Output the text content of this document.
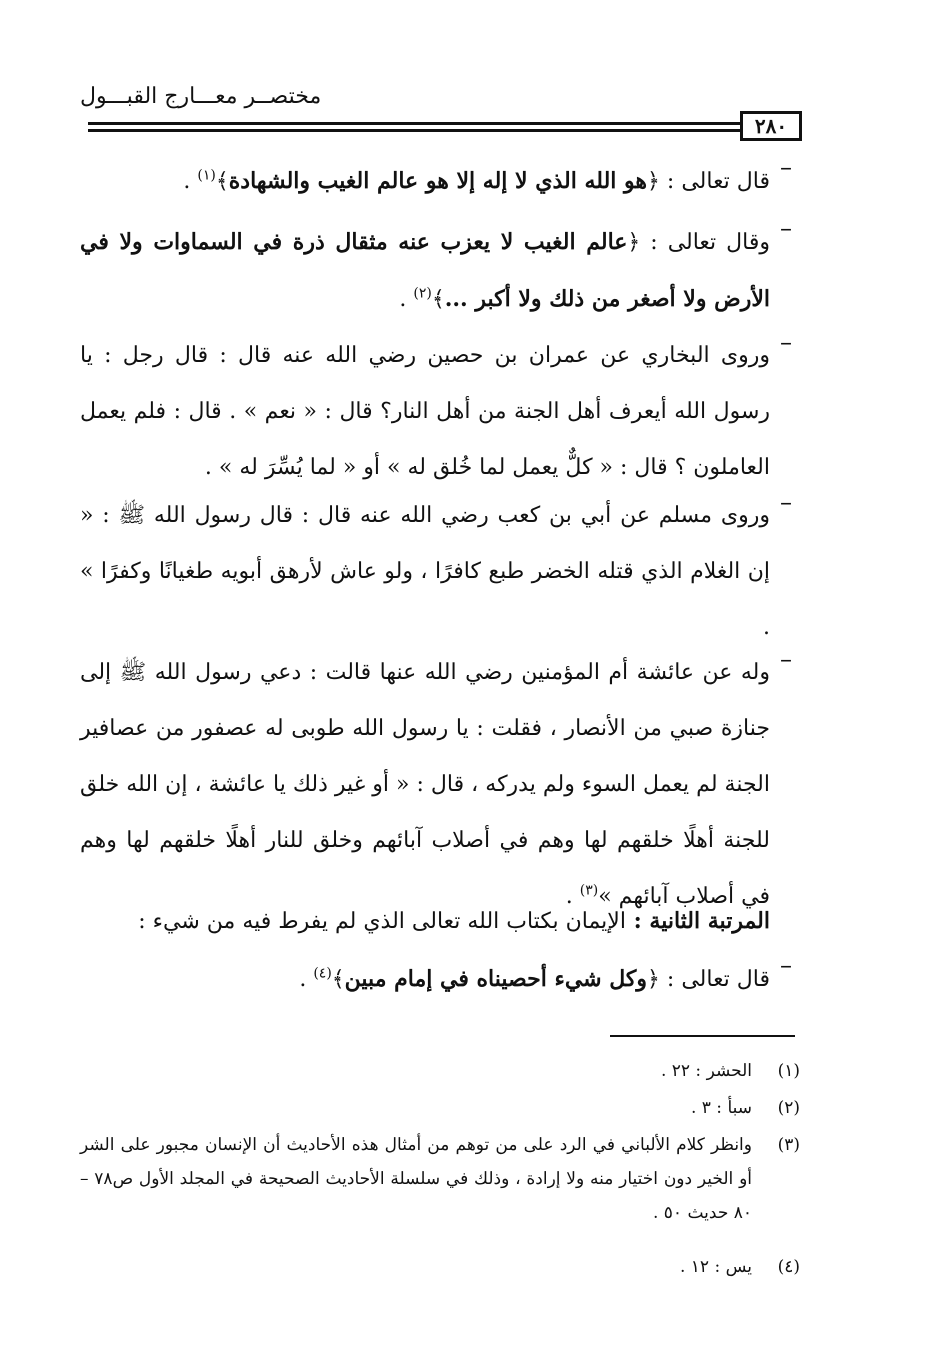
مختصــر معـــارج القبـــول
٢٨٠
–

قال تعالى : ﴿هو الله الذي لا إله إلا هو عالم الغيب والشهادة﴾$^{(١)}$ .

–

وقال تعالى : ﴿عالم الغيب لا يعزب عنه مثقال ذرة في السماوات ولا في الأرض ولا أصغر من ذلك ولا أكبر ...﴾$^{(٢)}$ .

–

وروى البخاري عن عمران بن حصين رضي الله عنه قال : قال رجل : يا رسول الله أيعرف أهل الجنة من أهل النار؟ قال : « نعم » . قال : فلم يعمل العاملون ؟ قال : « كلٌّ يعمل لما خُلق له » أو « لما يُسِّرَ له » .

–

وروى مسلم عن أبي بن كعب رضي الله عنه قال : قال رسول الله ﷺ : « إن الغلام الذي قتله الخضر طبع كافرًا ، ولو عاش لأرهق أبويه طغيانًا وكفرًا » .

–

وله عن عائشة أم المؤمنين رضي الله عنها قالت : دعي رسول الله ﷺ إلى جنازة صبي من الأنصار ، فقلت : يا رسول الله طوبى له عصفور من عصافير الجنة لم يعمل السوء ولم يدركه ، قال : « أو غير ذلك يا عائشة ، إن الله خلق للجنة أهلًا خلقهم لها وهم في أصلاب آبائهم وخلق للنار أهلًا خلقهم لها وهم في أصلاب آبائهم »$^{(٣)}$ .

المرتبة الثانية : الإيمان بكتاب الله تعالى الذي لم يفرط فيه من شيء :
–

قال تعالى : ﴿وكل شيء أحصيناه في إمام مبين﴾$^{(٤)}$ .

(١)
الحشر : ٢٢ .
(٢)
سبأ : ٣ .
(٣)
وانظر كلام الألباني في الرد على من توهم من أمثال هذه الأحاديث أن الإنسان مجبور على الشر أو الخير دون اختيار منه ولا إرادة ، وذلك في سلسلة الأحاديث الصحيحة في المجلد الأول ص٧٨ – ٨٠ حديث ٥٠ .
(٤)
يس : ١٢ .
